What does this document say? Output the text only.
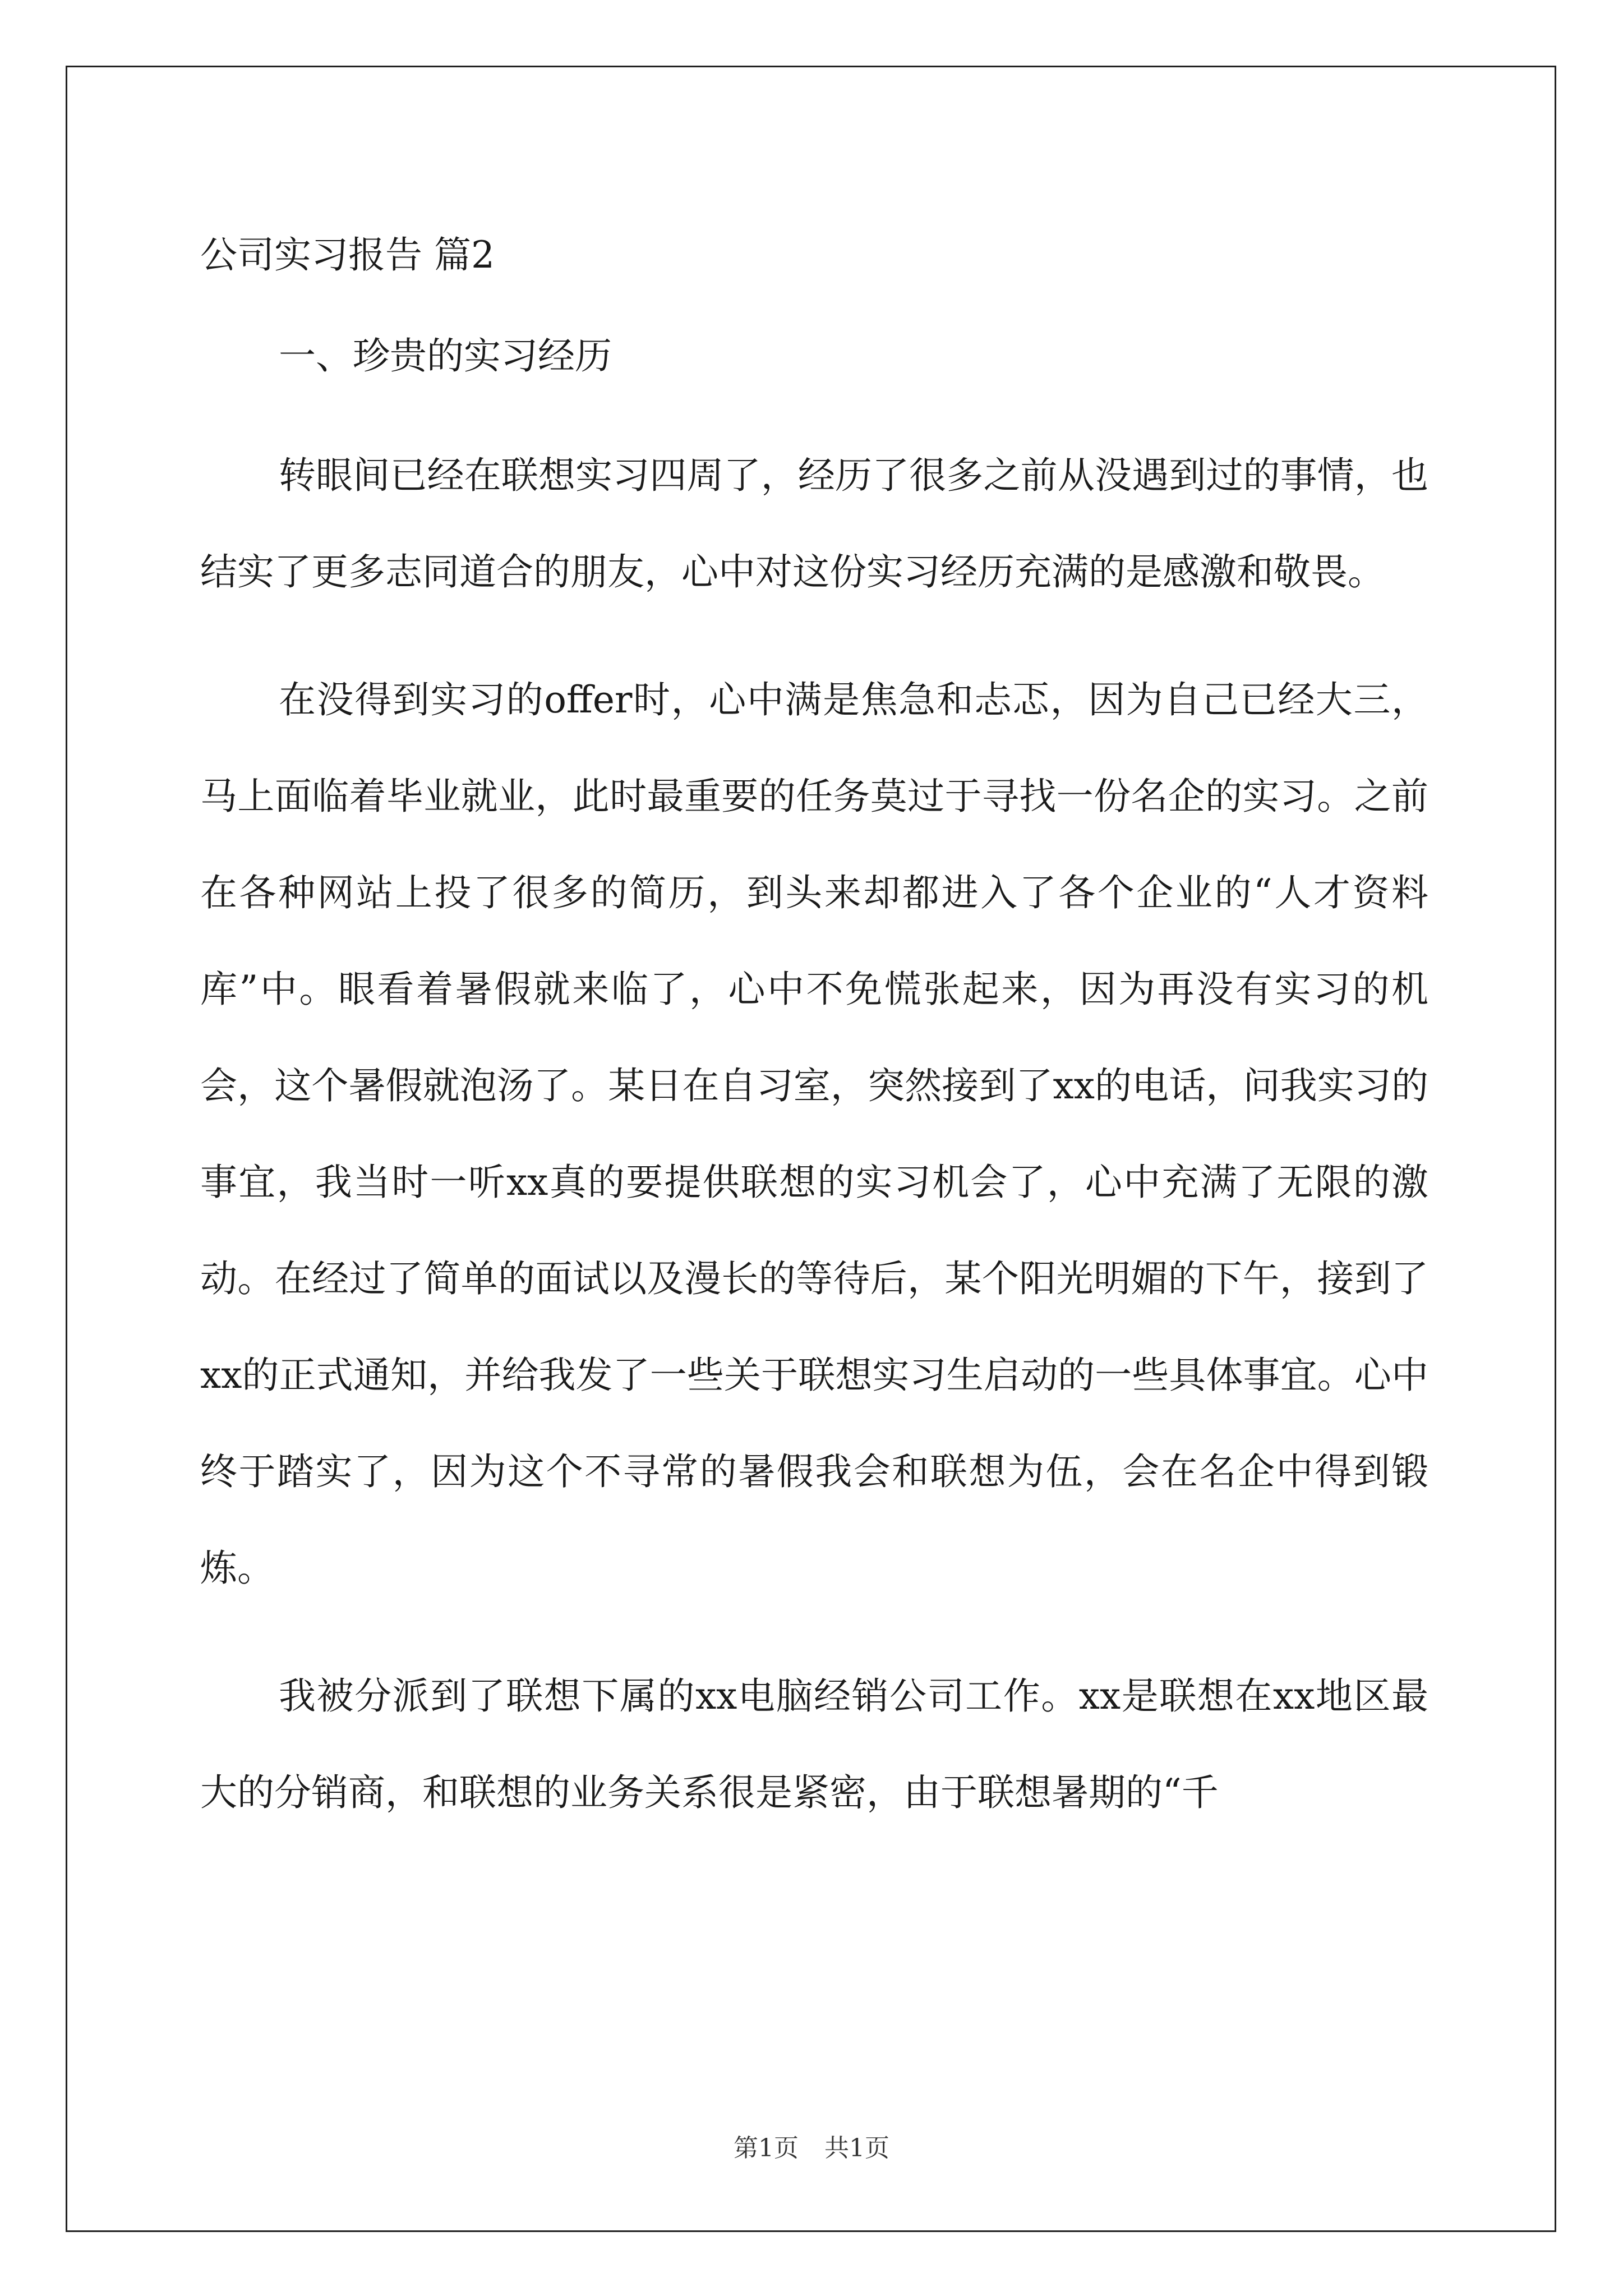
公司实习报告 篇2
一、珍贵的实习经历

转眼间已经在联想实习四周了，经历了很多之前从没遇到过的事情，也结实了更多志同道合的朋友，心中对这份实习经历充满的是感激和敬畏。

在没得到实习的offer时，心中满是焦急和忐忑，因为自己已经大三，马上面临着毕业就业，此时最重要的任务莫过于寻找一份名企的实习。之前在各种网站上投了很多的简历，到头来却都进入了各个企业的“人才资料库”中。眼看着暑假就来临了，心中不免慌张起来，因为再没有实习的机会，这个暑假就泡汤了。某日在自习室，突然接到了xx的电话，问我实习的事宜，我当时一听xx真的要提供联想的实习机会了，心中充满了无限的激动。在经过了简单的面试以及漫长的等待后，某个阳光明媚的下午，接到了xx的正式通知，并给我发了一些关于联想实习生启动的一些具体事宜。心中终于踏实了，因为这个不寻常的暑假我会和联想为伍，会在名企中得到锻炼。

我被分派到了联想下属的xx电脑经销公司工作。xx是联想在xx地区最大的分销商，和联想的业务关系很是紧密，由于联想暑期的“千

第1页 共1页
